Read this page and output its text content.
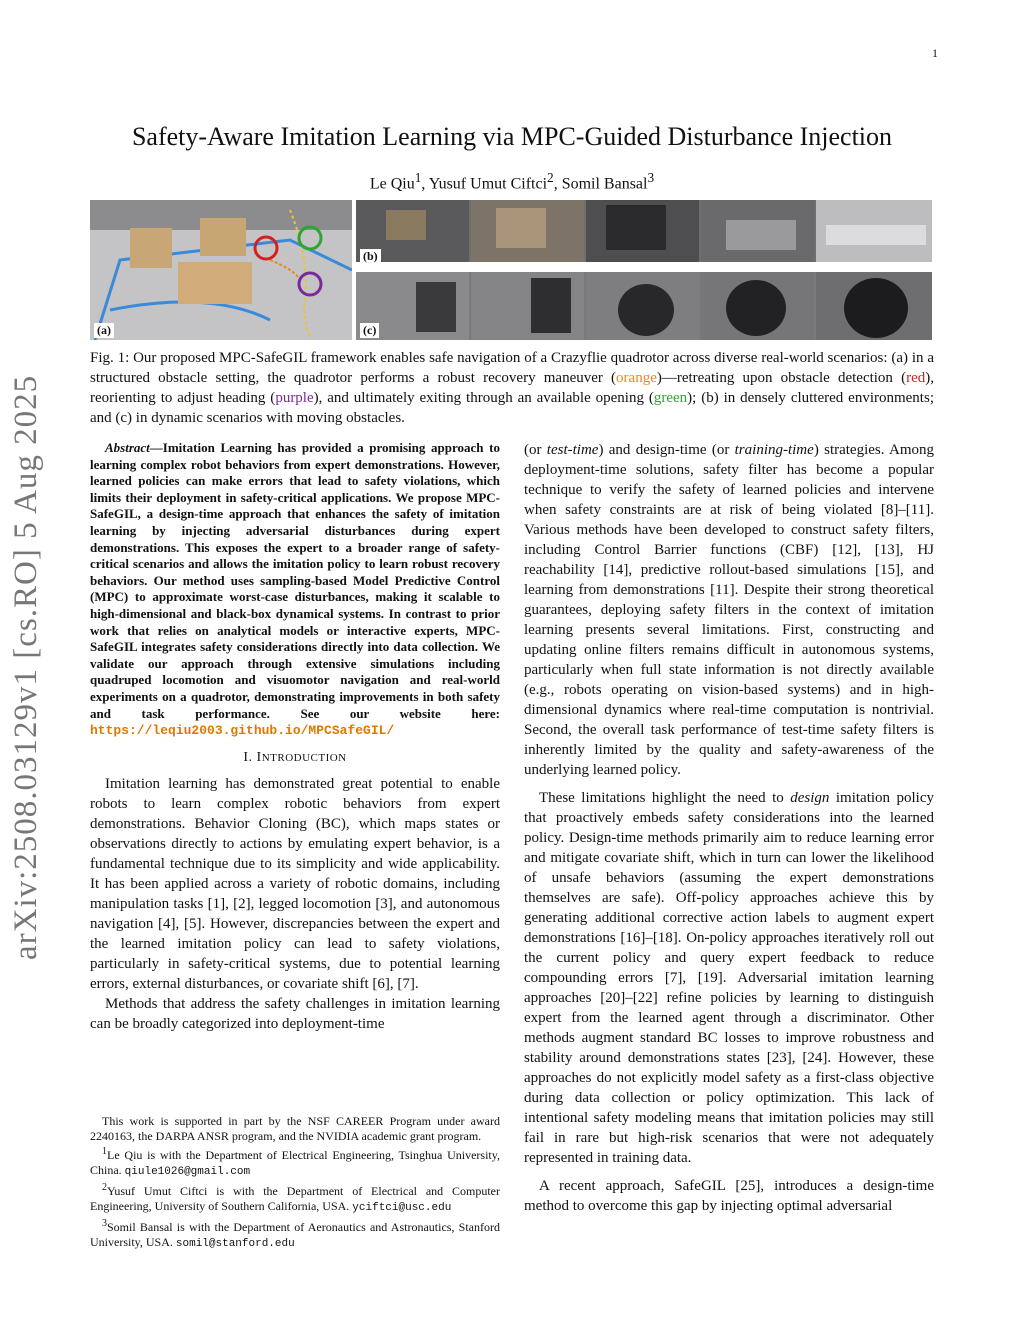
1
arXiv:2508.03129v1 [cs.RO] 5 Aug 2025
Safety-Aware Imitation Learning via MPC-Guided Disturbance Injection
Le Qiu$^1$, Yusuf Umut Ciftci$^2$, Somil Bansal$^3$
(a)
(b)
(c)
Fig. 1: Our proposed MPC-SafeGIL framework enables safe navigation of a Crazyflie quadrotor across diverse real-world scenarios: (a) in a structured obstacle setting, the quadrotor performs a robust recovery maneuver (orange)—retreating upon obstacle detection (red), reorienting to adjust heading (purple), and ultimately exiting through an available opening (green); (b) in densely cluttered environments; and (c) in dynamic scenarios with moving obstacles.

Abstract—Imitation Learning has provided a promising approach to learning complex robot behaviors from expert demonstrations. However, learned policies can make errors that lead to safety violations, which limits their deployment in safety-critical applications. We propose MPC-SafeGIL, a design-time approach that enhances the safety of imitation learning by injecting adversarial disturbances during expert demonstrations. This exposes the expert to a broader range of safety-critical scenarios and allows the imitation policy to learn robust recovery behaviors. Our method uses sampling-based Model Predictive Control (MPC) to approximate worst-case disturbances, making it scalable to high-dimensional and black-box dynamical systems. In contrast to prior work that relies on analytical models or interactive experts, MPC-SafeGIL integrates safety considerations directly into data collection. We validate our approach through extensive simulations including quadruped locomotion and visuomotor navigation and real-world experiments on a quadrotor, demonstrating improvements in both safety and task performance. See our website here: https://leqiu2003.github.io/MPCSafeGIL/

I. INTRODUCTION

Imitation learning has demonstrated great potential to enable robots to learn complex robotic behaviors from expert demonstrations. Behavior Cloning (BC), which maps states or observations directly to actions by emulating expert behavior, is a fundamental technique due to its simplicity and wide applicability. It has been applied across a variety of robotic domains, including manipulation tasks [1], [2], legged locomotion [3], and autonomous navigation [4], [5]. However, discrepancies between the expert and the learned imitation policy can lead to safety violations, particularly in safety-critical systems, due to potential learning errors, external disturbances, or covariate shift [6], [7].

Methods that address the safety challenges in imitation learning can be broadly categorized into deployment-time

(or test-time) and design-time (or training-time) strategies. Among deployment-time solutions, safety filter has become a popular technique to verify the safety of learned policies and intervene when safety constraints are at risk of being violated [8]–[11]. Various methods have been developed to construct safety filters, including Control Barrier functions (CBF) [12], [13], HJ reachability [14], predictive rollout-based simulations [15], and learning from demonstrations [11]. Despite their strong theoretical guarantees, deploying safety filters in the context of imitation learning presents several limitations. First, constructing and updating online filters remains difficult in autonomous systems, particularly when full state information is not directly available (e.g., robots operating on vision-based systems) and in high-dimensional dynamics where real-time computation is nontrivial. Second, the overall task performance of test-time safety filters is inherently limited by the quality and safety-awareness of the underlying learned policy.

These limitations highlight the need to design imitation policy that proactively embeds safety considerations into the learned policy. Design-time methods primarily aim to reduce learning error and mitigate covariate shift, which in turn can lower the likelihood of unsafe behaviors (assuming the expert demonstrations themselves are safe). Off-policy approaches achieve this by generating additional corrective action labels to augment expert demonstrations [16]–[18]. On-policy approaches iteratively roll out the current policy and query expert feedback to reduce compounding errors [7], [19]. Adversarial imitation learning approaches [20]–[22] refine policies by learning to distinguish expert from the learned agent through a discriminator. Other methods augment standard BC losses to improve robustness and stability around demonstrations states [23], [24]. However, these approaches do not explicitly model safety as a first-class objective during data collection or policy optimization. This lack of intentional safety modeling means that imitation policies may still fail in rare but high-risk scenarios that were not adequately represented in training data.

A recent approach, SafeGIL [25], introduces a design-time method to overcome this gap by injecting optimal adversarial

This work is supported in part by the NSF CAREER Program under award 2240163, the DARPA ANSR program, and the NVIDIA academic grant program.

$^1$Le Qiu is with the Department of Electrical Engineering, Tsinghua University, China. qiule1026@gmail.com

$^2$Yusuf Umut Ciftci is with the Department of Electrical and Computer Engineering, University of Southern California, USA. yciftci@usc.edu

$^3$Somil Bansal is with the Department of Aeronautics and Astronautics, Stanford University, USA. somil@stanford.edu
